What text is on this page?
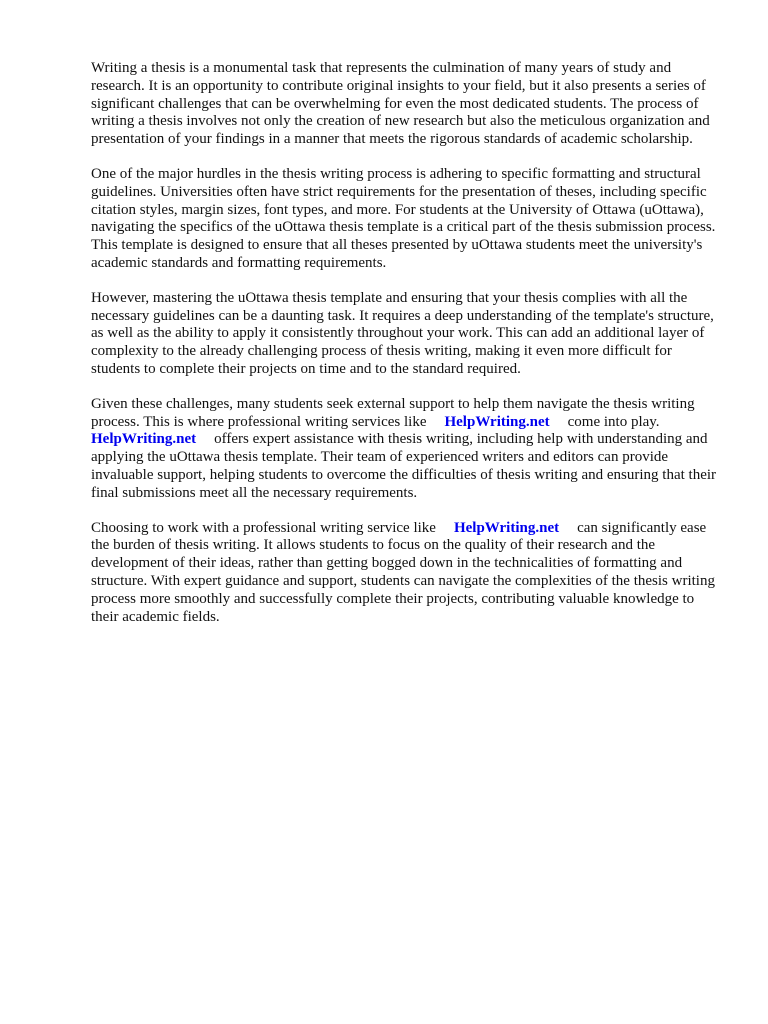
Writing a thesis is a monumental task that represents the culmination of many years of study and research. It is an opportunity to contribute original insights to your field, but it also presents a series of significant challenges that can be overwhelming for even the most dedicated students. The process of writing a thesis involves not only the creation of new research but also the meticulous organization and presentation of your findings in a manner that meets the rigorous standards of academic scholarship.

One of the major hurdles in the thesis writing process is adhering to specific formatting and structural guidelines. Universities often have strict requirements for the presentation of theses, including specific citation styles, margin sizes, font types, and more. For students at the University of Ottawa (uOttawa), navigating the specifics of the uOttawa thesis template is a critical part of the thesis submission process. This template is designed to ensure that all theses presented by uOttawa students meet the university's academic standards and formatting requirements.

However, mastering the uOttawa thesis template and ensuring that your thesis complies with all the necessary guidelines can be a daunting task. It requires a deep understanding of the template's structure, as well as the ability to apply it consistently throughout your work. This can add an additional layer of complexity to the already challenging process of thesis writing, making it even more difficult for students to complete their projects on time and to the standard required.

Given these challenges, many students seek external support to help them navigate the thesis writing process. This is where professional writing services like HelpWriting.net come into play. HelpWriting.net offers expert assistance with thesis writing, including help with understanding and applying the uOttawa thesis template. Their team of experienced writers and editors can provide invaluable support, helping students to overcome the difficulties of thesis writing and ensuring that their final submissions meet all the necessary requirements.

Choosing to work with a professional writing service like HelpWriting.net can significantly ease the burden of thesis writing. It allows students to focus on the quality of their research and the development of their ideas, rather than getting bogged down in the technicalities of formatting and structure. With expert guidance and support, students can navigate the complexities of the thesis writing process more smoothly and successfully complete their projects, contributing valuable knowledge to their academic fields.
